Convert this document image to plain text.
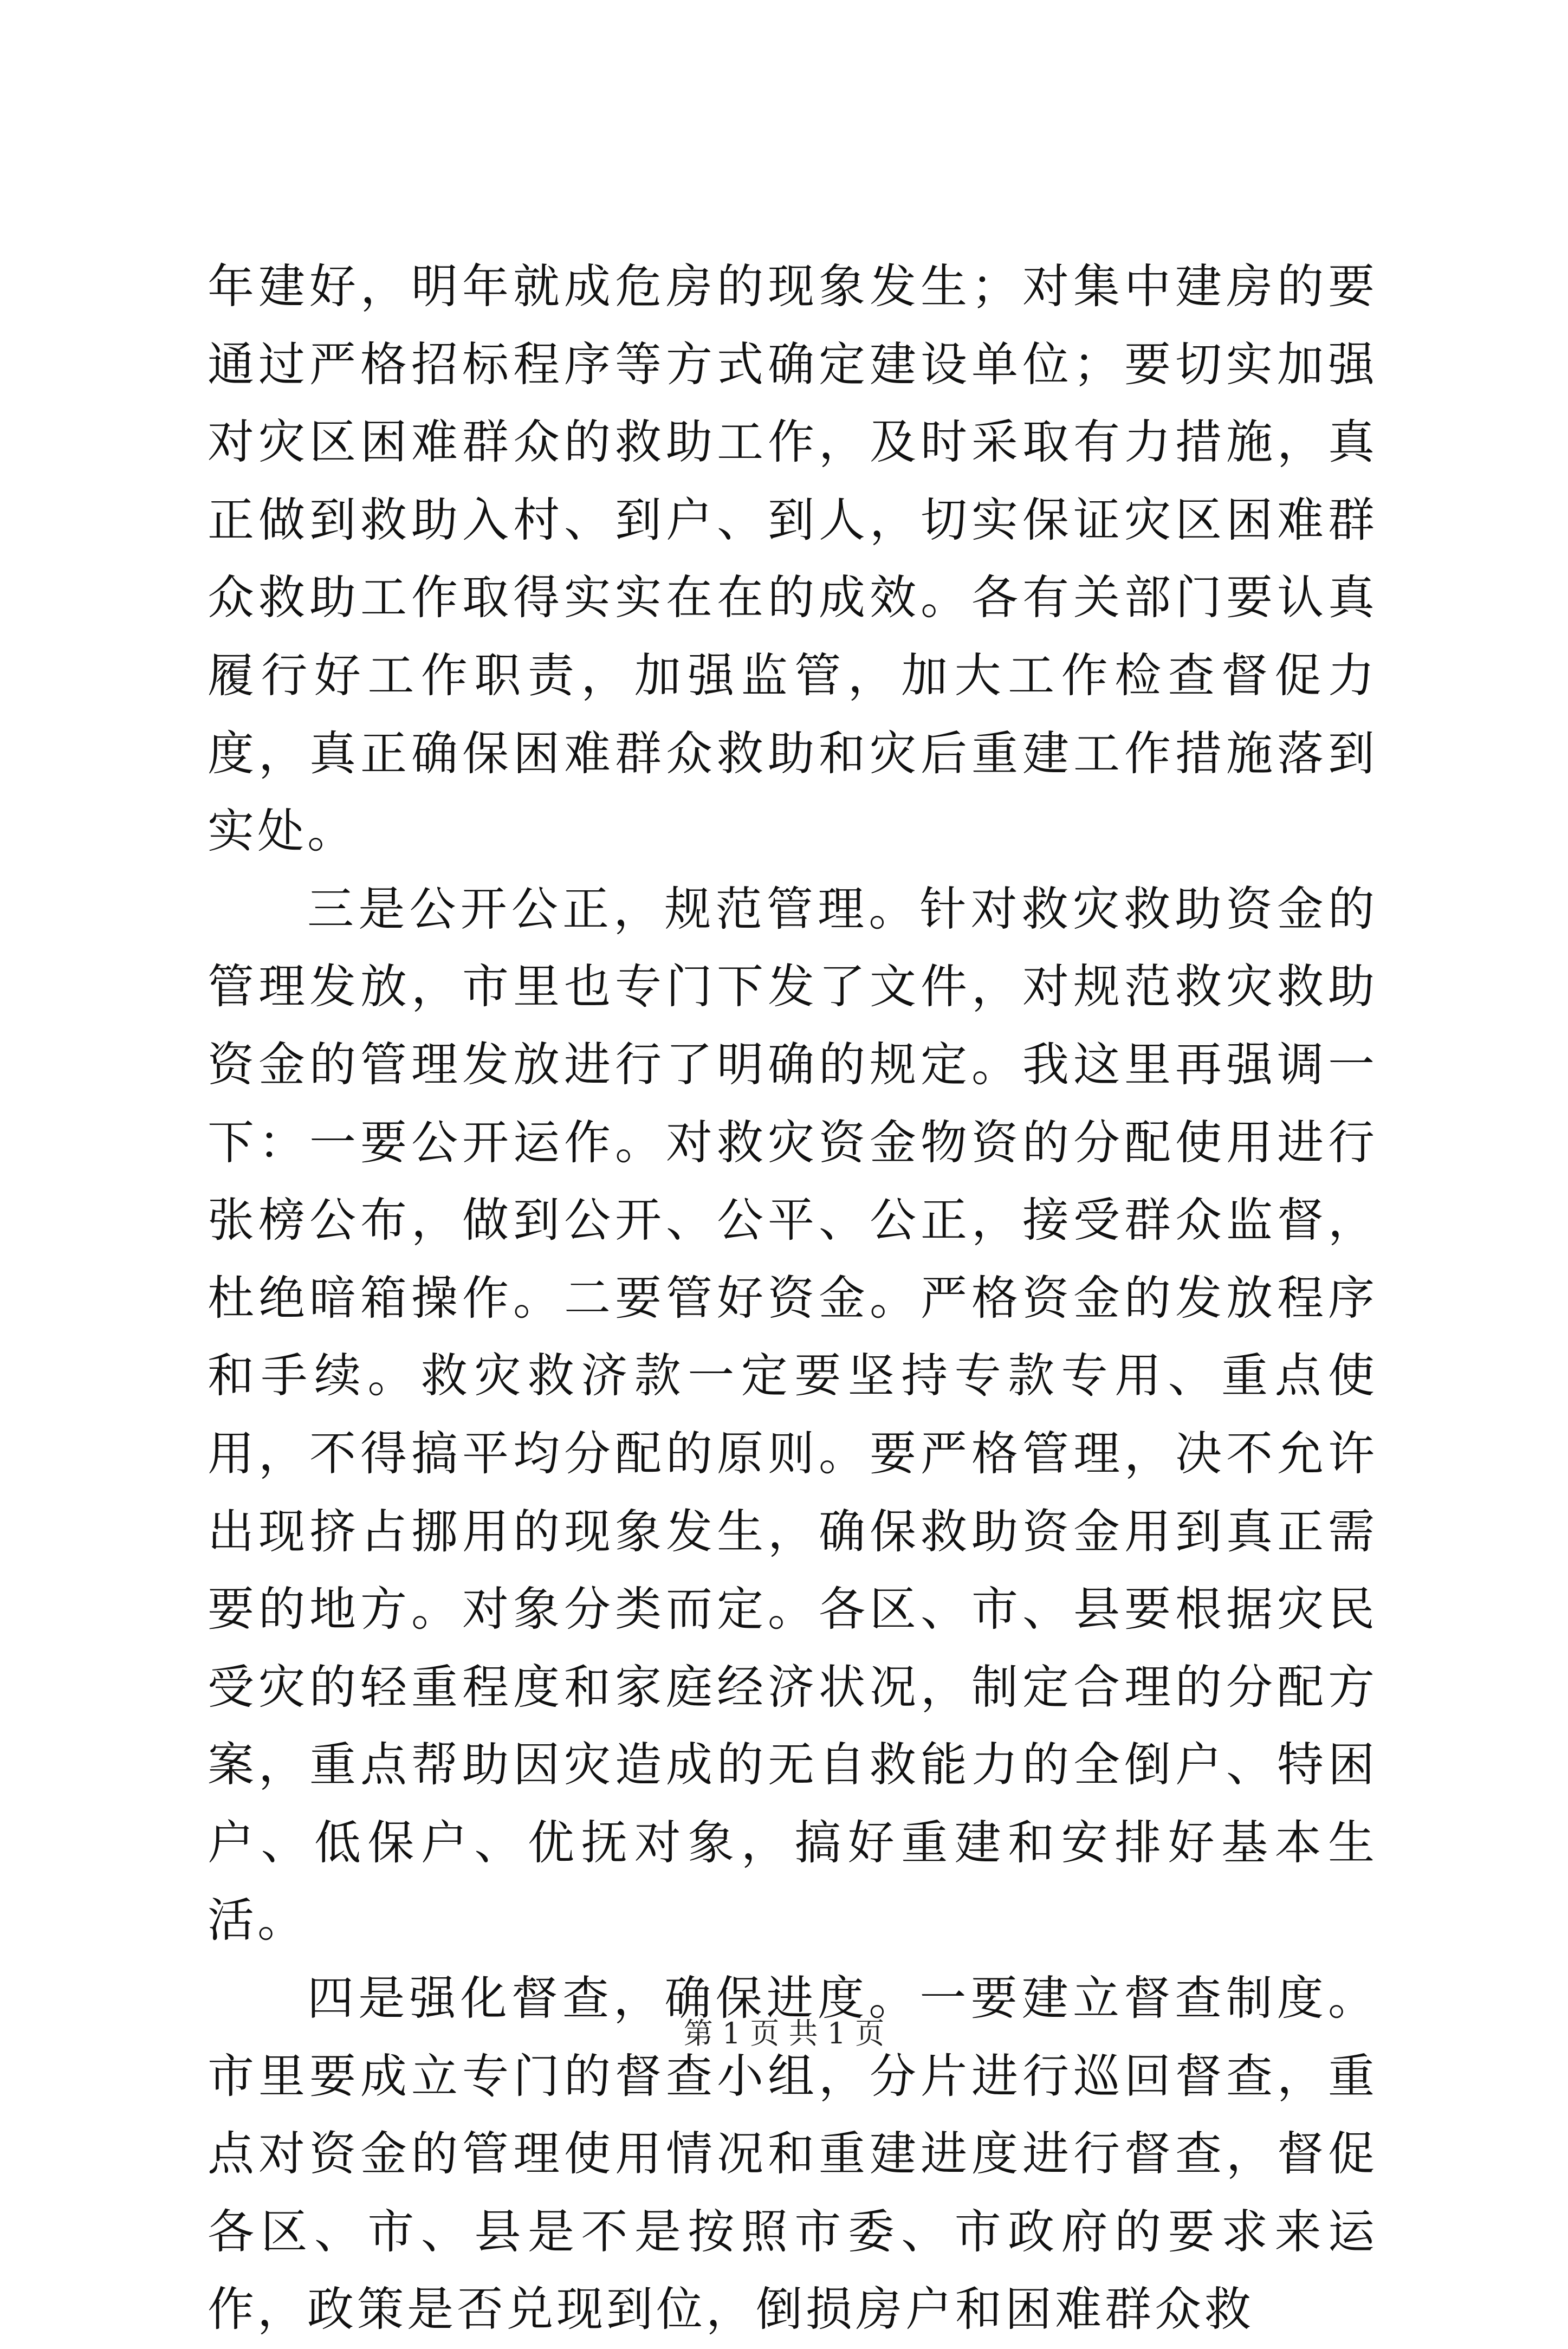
年建好，明年就成危房的现象发生；对集中建房的要通过严格招标程序等方式确定建设单位；要切实加强对灾区困难群众的救助工作，及时采取有力措施，真正做到救助入村、到户、到人，切实保证灾区困难群众救助工作取得实实在在的成效。各有关部门要认真履行好工作职责，加强监管，加大工作检查督促力度，真正确保困难群众救助和灾后重建工作措施落到实处。

三是公开公正，规范管理。针对救灾救助资金的管理发放，市里也专门下发了文件，对规范救灾救助资金的管理发放进行了明确的规定。我这里再强调一下：一要公开运作。对救灾资金物资的分配使用进行张榜公布，做到公开、公平、公正，接受群众监督，杜绝暗箱操作。二要管好资金。严格资金的发放程序和手续。救灾救济款一定要坚持专款专用、重点使用，不得搞平均分配的原则。要严格管理，决不允许出现挤占挪用的现象发生，确保救助资金用到真正需要的地方。对象分类而定。各区、市、县要根据灾民受灾的轻重程度和家庭经济状况，制定合理的分配方案，重点帮助因灾造成的无自救能力的全倒户、特困户、低保户、优抚对象，搞好重建和安排好基本生活。

四是强化督查，确保进度。一要建立督查制度。市里要成立专门的督查小组，分片进行巡回督查，重点对资金的管理使用情况和重建进度进行督查，督促各区、市、县是不是按照市委、市政府的要求来运作，政策是否兑现到位，倒损房户和困难群众救

第 1 页 共 1 页
